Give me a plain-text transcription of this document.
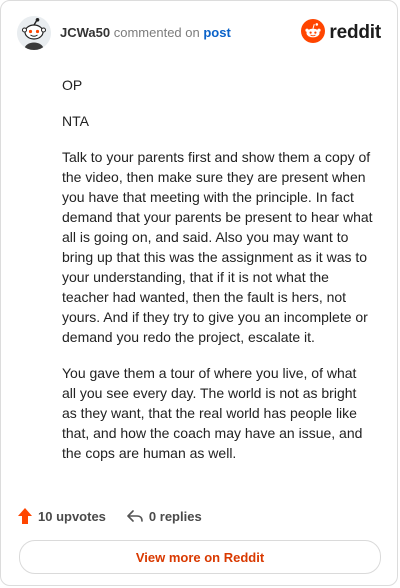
JCWa50 commented on post	reddit

OP

NTA

Talk to your parents first and show them a copy of the video, then make sure they are present when you have that meeting with the principle. In fact demand that your parents be present to hear what all is going on, and said. Also you may want to bring up that this was the assignment as it was to your understanding, that if it is not what the teacher had wanted, then the fault is hers, not yours. And if they try to give you an incomplete or demand you redo the project, escalate it.

You gave them a tour of where you live, of what all you see every day. The world is not as bright as they want, that the real world has people like that, and how the coach may have an issue, and the cops are human as well.

10 upvotes	0 replies
View more on Reddit
